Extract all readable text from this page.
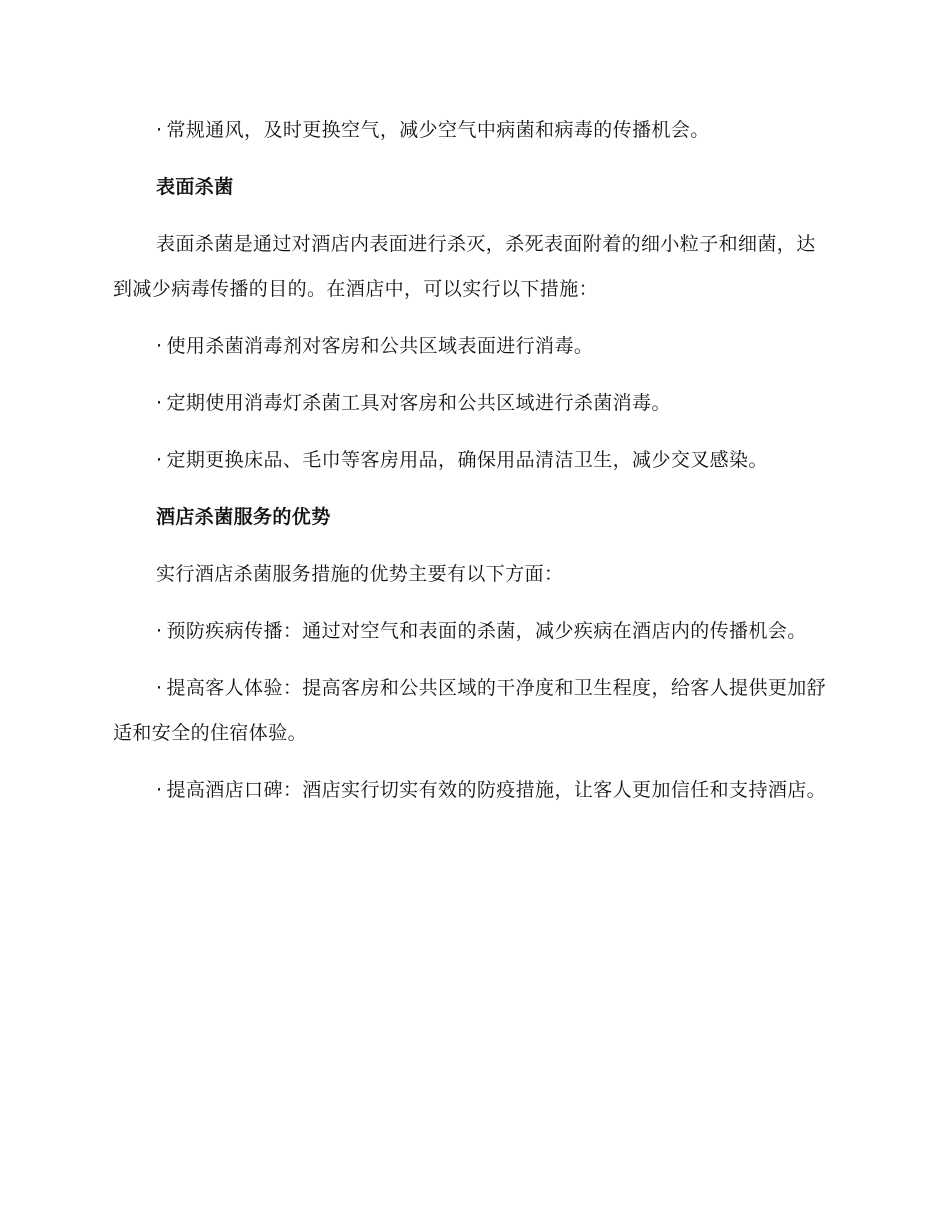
· 常规通风，及时更换空气，减少空气中病菌和病毒的传播机会。

表面杀菌

表面杀菌是通过对酒店内表面进行杀灭，杀死表面附着的细小粒子和细菌，达到减少病毒传播的目的。在酒店中，可以实行以下措施：

· 使用杀菌消毒剂对客房和公共区域表面进行消毒。

· 定期使用消毒灯杀菌工具对客房和公共区域进行杀菌消毒。

· 定期更换床品、毛巾等客房用品，确保用品清洁卫生，减少交叉感染。

酒店杀菌服务的优势

实行酒店杀菌服务措施的优势主要有以下方面：

· 预防疾病传播：通过对空气和表面的杀菌，减少疾病在酒店内的传播机会。

· 提高客人体验：提高客房和公共区域的干净度和卫生程度，给客人提供更加舒适和安全的住宿体验。

· 提高酒店口碑：酒店实行切实有效的防疫措施，让客人更加信任和支持酒店。
